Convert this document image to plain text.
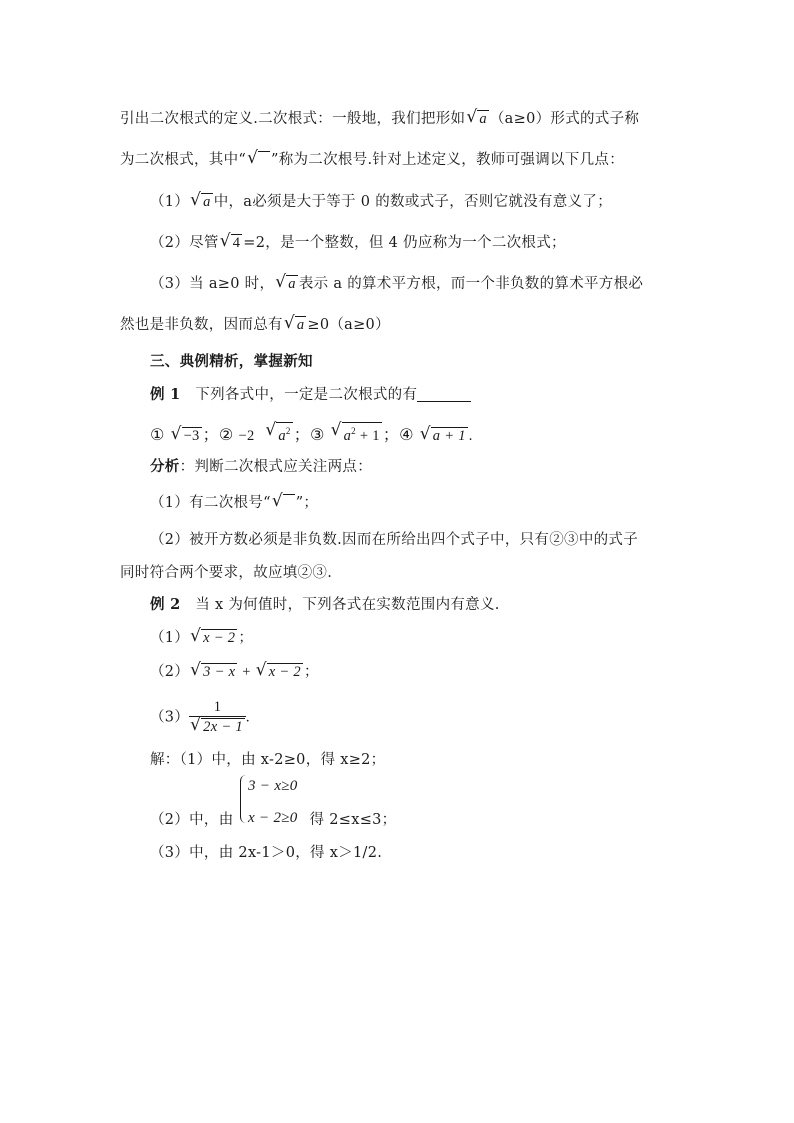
引出二次根式的定义.二次根式：一般地，我们把形如 √ a （a≥0）形式的式子称
为二次根式，其中“ √ ”称为二次根号.针对上述定义，教师可强调以下几点：
（1） √ a 中，a必须是大于等于 0 的数或式子，否则它就没有意义了；
（2）尽管 √ 4 =2，是一个整数，但 4 仍应称为一个二次根式；
（3）当 a≥0 时， √ a 表示 a 的算术平方根，而一个非负数的算术平方根必
然也是非负数，因而总有 √ a ≥0（a≥0）
三、典例精析，掌握新知
例 1 下列各式中，一定是二次根式的有
① √ −3 ；② −2 √ $a^2$ ；③ √ $a^2 + 1$ ；④ √ a + 1 .
分析：判断二次根式应关注两点：
（1）有二次根号“ √ ”；
（2）被开方数必须是非负数.因而在所给出四个式子中，只有②③中的式子
同时符合两个要求，故应填②③.
例 2 当 x 为何值时，下列各式在实数范围内有意义.
（1） √ x − 2 ；
（2） √ 3 − x + √ x − 2 ；
$(3) \frac{1}{√ 2x - 1}$ .
解：（1）中，由 x-2≥0，得 x≥2；
3 − x≥0
x − 2≥0
（2）中，由	得 2≤x≤3；
（3）中，由 2x-1＞0，得 x＞1/2.
